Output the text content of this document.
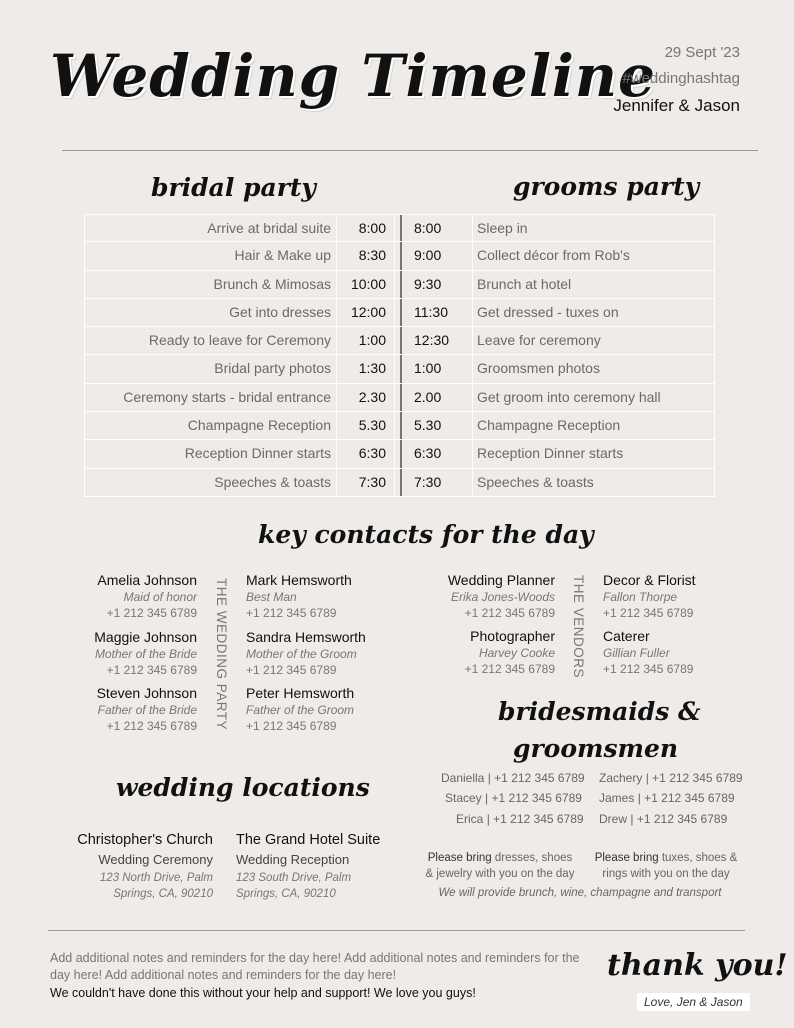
Wedding Timeline 29 Sept '23
#weddinghashtag
Jennifer & Jason
bridal party	grooms party
Arrive at bridal suite	8:00	8:00	Sleep in
Hair & Make up	8:30	9:00	Collect décor from Rob's
Brunch & Mimosas	10:00	9:30	Brunch at hotel
Get into dresses	12:00	11:30	Get dressed - tuxes on
Ready to leave for Ceremony	1:00	12:30	Leave for ceremony
Bridal party photos	1:30	1:00	Groomsmen photos
Ceremony starts - bridal entrance	2.30	2.00	Get groom into ceremony hall
Champagne Reception	5.30	5.30	Champagne Reception
Reception Dinner starts	6:30	6:30	Reception Dinner starts
Speeches & toasts	7:30	7:30	Speeches & toasts
key contacts for the day
THE WEDDING PARTY	THE VENDORS
Amelia Johnson
Maid of honor
+1 212 345 6789
Maggie Johnson
Mother of the Bride
+1 212 345 6789
Steven Johnson
Father of the Bride
+1 212 345 6789
Mark Hemsworth
Best Man
+1 212 345 6789
Sandra Hemsworth
Mother of the Groom
+1 212 345 6789
Peter Hemsworth
Father of the Groom
+1 212 345 6789
Wedding Planner
Erika Jones-Woods
+1 212 345 6789
Photographer
Harvey Cooke
+1 212 345 6789
Decor & Florist
Fallon Thorpe
+1 212 345 6789
Caterer
Gillian Fuller
+1 212 345 6789
bridesmaids &
groomsmen
Daniella | +1 212 345 6789 Zachery | +1 212 345 6789
Stacey | +1 212 345 6789 James | +1 212 345 6789
Erica | +1 212 345 6789 Drew | +1 212 345 6789
Please bring dresses, shoes & jewelry with you on the day
Please bring tuxes, shoes & rings with you on the day
We will provide brunch, wine, champagne and transport
wedding locations
Christopher's Church
Wedding Ceremony
123 North Drive, Palm Springs, CA, 90210
The Grand Hotel Suite
Wedding Reception
123 South Drive, Palm Springs, CA, 90210
Add additional notes and reminders for the day here! Add additional notes and reminders for the day here! Add additional notes and reminders for the day here!
We couldn't have done this without your help and support! We love you guys!
thank you!
Love, Jen & Jason
